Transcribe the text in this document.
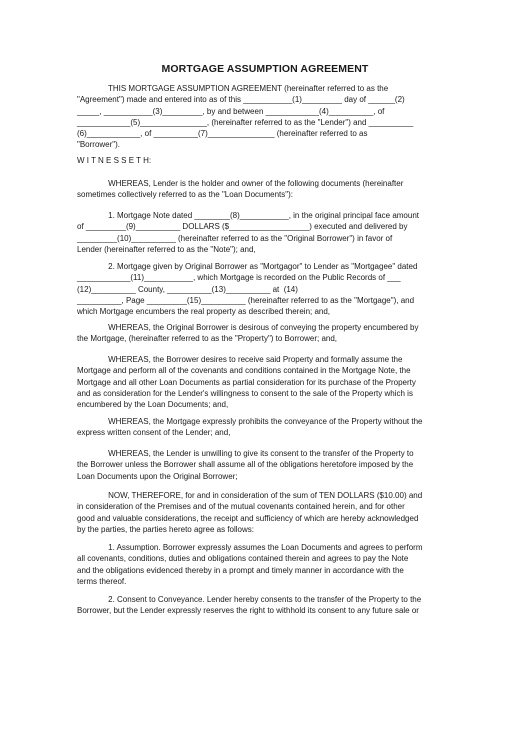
MORTGAGE ASSUMPTION AGREEMENT

THIS MORTGAGE ASSUMPTION AGREEMENT (hereinafter referred to as the
"Agreement") made and entered into as of this ___________(1)_________ day of ______(2)
_____, ___________(3)_________, by and between ____________(4)__________, of
____________(5)_______________, (hereinafter referred to as the "Lender") and __________
(6)____________, of __________(7)_______________ (hereinafter referred to as
"Borrower").

W I T N E S S E T H:

WHEREAS, Lender is the holder and owner of the following documents (hereinafter
sometimes collectively referred to as the "Loan Documents"):

1. Mortgage Note dated ________(8)___________, in the original principal face amount
of _________(9)__________ DOLLARS ($__________________) executed and delivered by
_________(10)__________ (hereinafter referred to as the "Original Borrower") in favor of
Lender (hereinafter referred to as the "Note"); and,

2. Mortgage given by Original Borrower as "Mortgagor" to Lender as "Mortgagee" dated
____________(11)___________, which Mortgage is recorded on the Public Records of ___
(12)__________ County, __________(13)__________ at  (14)
__________, Page _________(15)__________ (hereinafter referred to as the "Mortgage"), and
which Mortgage encumbers the real property as described therein; and,

WHEREAS, the Original Borrower is desirous of conveying the property encumbered by
the Mortgage, (hereinafter referred to as the "Property") to Borrower; and,

WHEREAS, the Borrower desires to receive said Property and formally assume the
Mortgage and perform all of the covenants and conditions contained in the Mortgage Note, the
Mortgage and all other Loan Documents as partial consideration for its purchase of the Property
and as consideration for the Lender's willingness to consent to the sale of the Property which is
encumbered by the Loan Documents; and,

WHEREAS, the Mortgage expressly prohibits the conveyance of the Property without the
express written consent of the Lender; and,

WHEREAS, the Lender is unwilling to give its consent to the transfer of the Property to
the Borrower unless the Borrower shall assume all of the obligations heretofore imposed by the
Loan Documents upon the Original Borrower;

NOW, THEREFORE, for and in consideration of the sum of TEN DOLLARS ($10.00) and
in consideration of the Premises and of the mutual covenants contained herein, and for other
good and valuable considerations, the receipt and sufficiency of which are hereby acknowledged
by the parties, the parties hereto agree as follows:

1. Assumption. Borrower expressly assumes the Loan Documents and agrees to perform
all covenants, conditions, duties and obligations contained therein and agrees to pay the Note
and the obligations evidenced thereby in a prompt and timely manner in accordance with the
terms thereof.

2. Consent to Conveyance. Lender hereby consents to the transfer of the Property to the
Borrower, but the Lender expressly reserves the right to withhold its consent to any future sale or
